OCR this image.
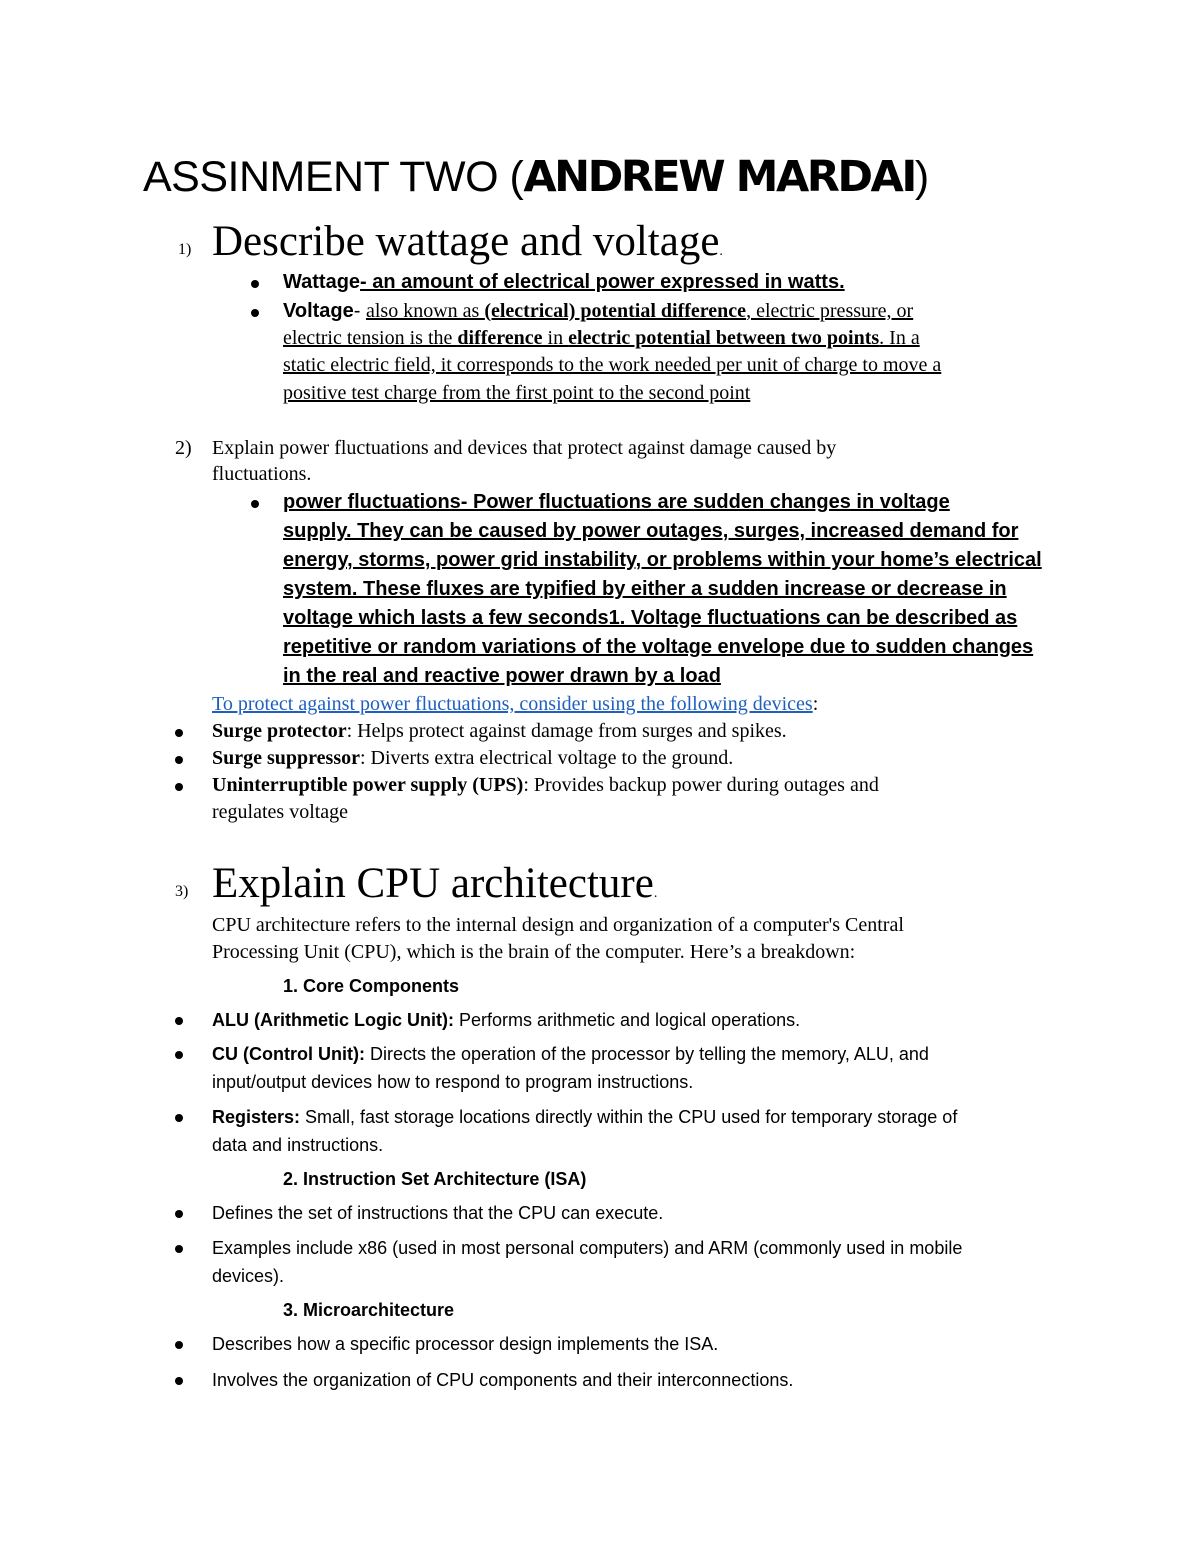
ASSINMENT TWO (ANDREW MARDAI)
1) Describe wattage and voltage.
Wattage- an amount of electrical power expressed in watts.
Voltage- also known as (electrical) potential difference, electric pressure, or
electric tension is the difference in electric potential between two points. In a
static electric field, it corresponds to the work needed per unit of charge to move a
positive test charge from the first point to the second point
2) Explain power fluctuations and devices that protect against damage caused by
fluctuations.
power fluctuations- Power fluctuations are sudden changes in voltage
supply. They can be caused by power outages, surges, increased demand for
energy, storms, power grid instability, or problems within your home’s electrical
system. These fluxes are typified by either a sudden increase or decrease in
voltage which lasts a few seconds1. Voltage fluctuations can be described as
repetitive or random variations of the voltage envelope due to sudden changes
in the real and reactive power drawn by a load
To protect against power fluctuations, consider using the following devices:
Surge protector: Helps protect against damage from surges and spikes.
Surge suppressor: Diverts extra electrical voltage to the ground.
Uninterruptible power supply (UPS): Provides backup power during outages and
regulates voltage
3) Explain CPU architecture.
CPU architecture refers to the internal design and organization of a computer's Central
Processing Unit (CPU), which is the brain of the computer. Here’s a breakdown:
1. Core Components
ALU (Arithmetic Logic Unit): Performs arithmetic and logical operations.
CU (Control Unit): Directs the operation of the processor by telling the memory, ALU, and
input/output devices how to respond to program instructions.
Registers: Small, fast storage locations directly within the CPU used for temporary storage of
data and instructions.
2. Instruction Set Architecture (ISA)
Defines the set of instructions that the CPU can execute.
Examples include x86 (used in most personal computers) and ARM (commonly used in mobile
devices).
3. Microarchitecture
Describes how a specific processor design implements the ISA.
Involves the organization of CPU components and their interconnections.
